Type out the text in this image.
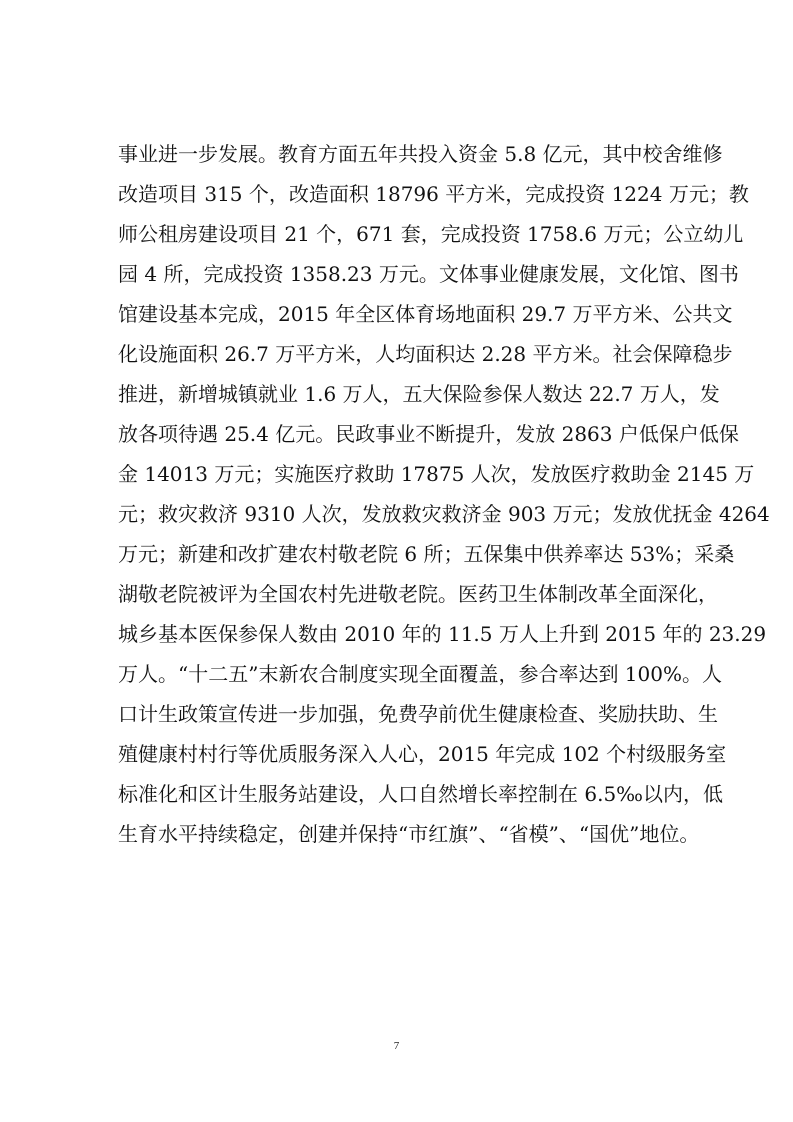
事业进一步发展。教育方面五年共投入资金 5.8 亿元，其中校舍维修
改造项目 315 个，改造面积 18796 平方米，完成投资 1224 万元；教
师公租房建设项目 21 个，671 套，完成投资 1758.6 万元；公立幼儿
园 4 所，完成投资 1358.23 万元。文体事业健康发展，文化馆、图书
馆建设基本完成，2015 年全区体育场地面积 29.7 万平方米、公共文
化设施面积 26.7 万平方米，人均面积达 2.28 平方米。社会保障稳步
推进，新增城镇就业 1.6 万人，五大保险参保人数达 22.7 万人，发
放各项待遇 25.4 亿元。民政事业不断提升，发放 2863 户低保户低保
金 14013 万元；实施医疗救助 17875 人次，发放医疗救助金 2145 万
元；救灾救济 9310 人次，发放救灾救济金 903 万元；发放优抚金 4264
万元；新建和改扩建农村敬老院 6 所；五保集中供养率达 53%；采桑
湖敬老院被评为全国农村先进敬老院。医药卫生体制改革全面深化，
城乡基本医保参保人数由 2010 年的 11.5 万人上升到 2015 年的 23.29
万人。“十二五”末新农合制度实现全面覆盖，参合率达到 100%。人
口计生政策宣传进一步加强，免费孕前优生健康检查、奖励扶助、生
殖健康村村行等优质服务深入人心，2015 年完成 102 个村级服务室
标准化和区计生服务站建设，人口自然增长率控制在 6.5‰以内，低
生育水平持续稳定，创建并保持“市红旗”、“省模”、“国优”地位。
7
